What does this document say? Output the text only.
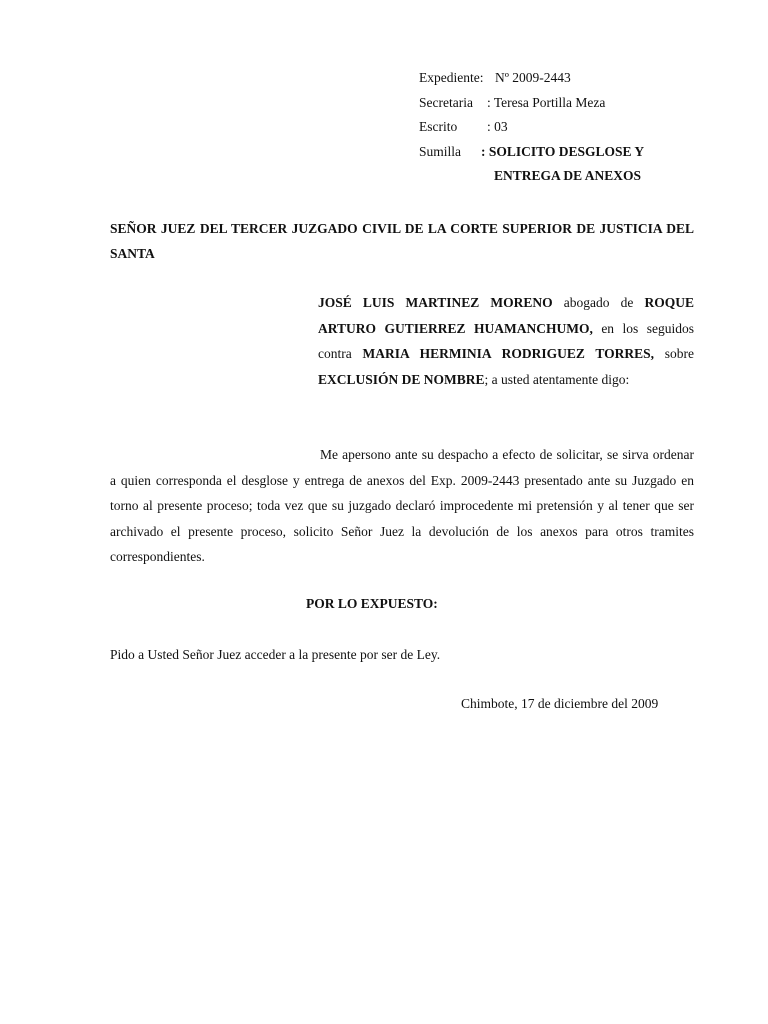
Expediente: Nº 2009-2443
Secretaria	: Teresa Portilla Meza
Escrito	: 03
Sumilla	: SOLICITO DESGLOSE Y
ENTREGA DE ANEXOS
SEÑOR JUEZ DEL TERCER JUZGADO CIVIL DE LA CORTE SUPERIOR DE JUSTICIA DEL SANTA
JOSÉ LUIS MARTINEZ MORENO abogado de ROQUE ARTURO GUTIERREZ HUAMANCHUMO, en los seguidos contra MARIA HERMINIA RODRIGUEZ TORRES, sobre EXCLUSIÓN DE NOMBRE; a usted atentamente digo:
Me apersono ante su despacho a efecto de solicitar, se sirva ordenar a quien corresponda el desglose y entrega de anexos del Exp. 2009-2443 presentado ante su Juzgado en torno al presente proceso; toda vez que su juzgado declaró improcedente mi pretensión y al tener que ser archivado el presente proceso, solicito Señor Juez la devolución de los anexos para otros tramites correspondientes.
POR LO EXPUESTO:
Pido a Usted Señor Juez acceder a la presente por ser de Ley.
Chimbote, 17 de diciembre del 2009
